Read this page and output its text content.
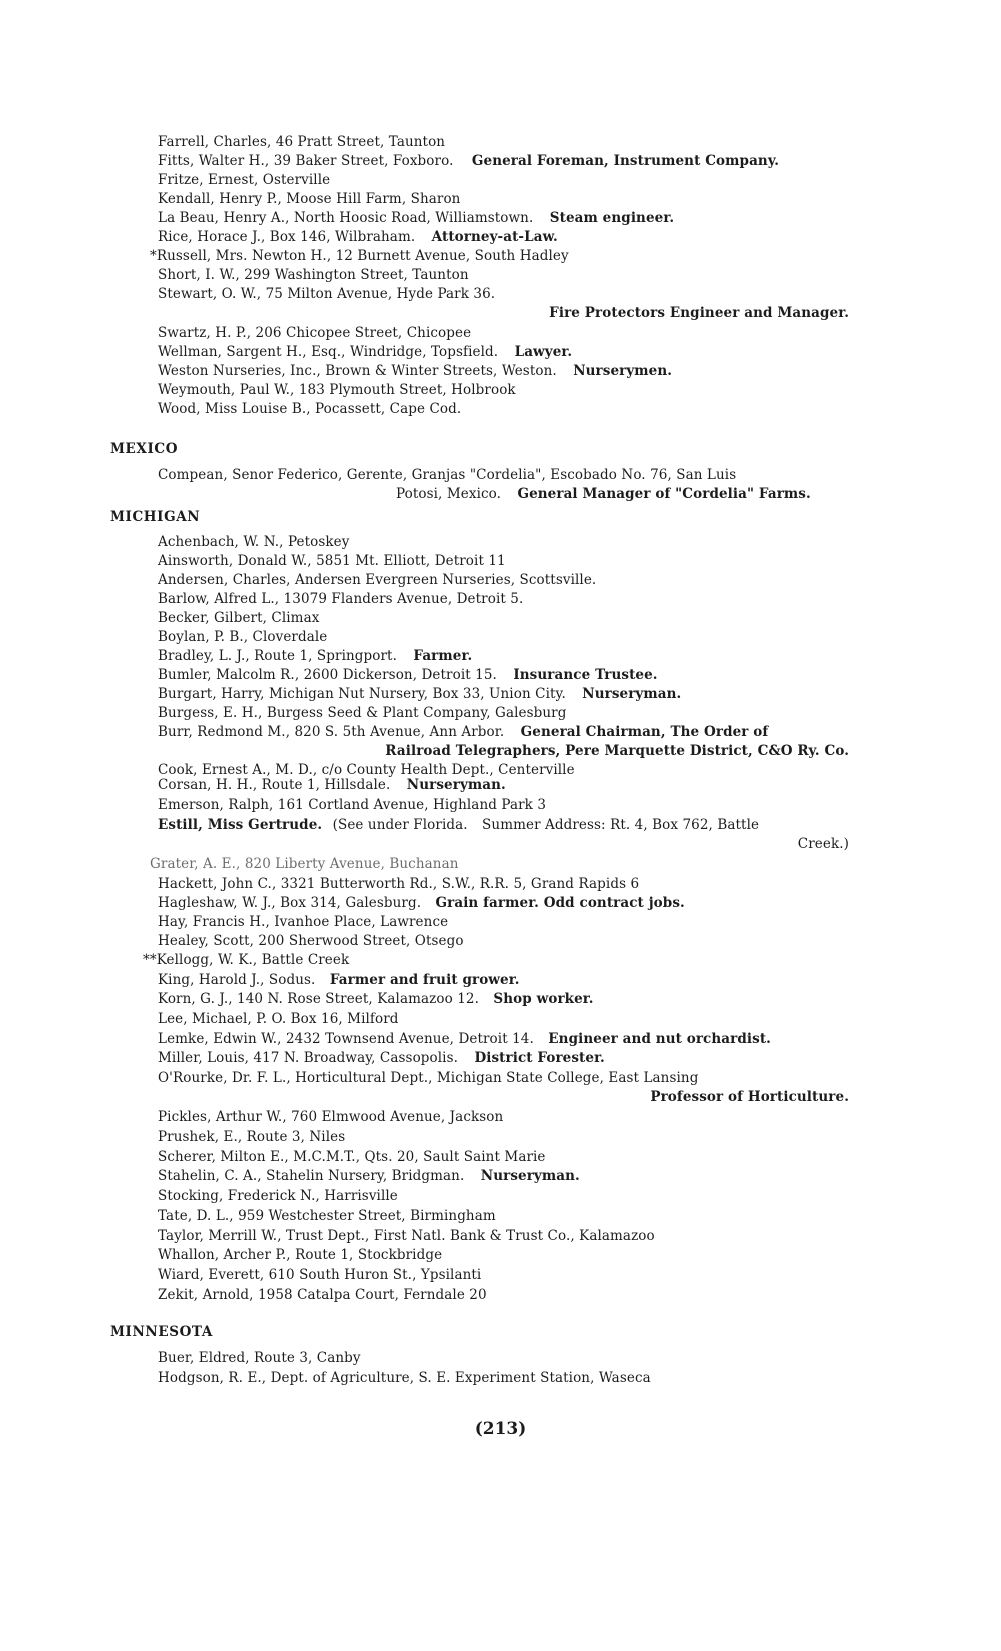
Farrell, Charles, 46 Pratt Street, Taunton
Fitts, Walter H., 39 Baker Street, Foxboro. General Foreman, Instrument Company.
Fritze, Ernest, Osterville
Kendall, Henry P., Moose Hill Farm, Sharon
La Beau, Henry A., North Hoosic Road, Williamstown. Steam engineer.
Rice, Horace J., Box 146, Wilbraham. Attorney-at-Law.
*Russell, Mrs. Newton H., 12 Burnett Avenue, South Hadley
Short, I. W., 299 Washington Street, Taunton
Stewart, O. W., 75 Milton Avenue, Hyde Park 36.
Fire Protectors Engineer and Manager.
Swartz, H. P., 206 Chicopee Street, Chicopee
Wellman, Sargent H., Esq., Windridge, Topsfield. Lawyer.
Weston Nurseries, Inc., Brown & Winter Streets, Weston. Nurserymen.
Weymouth, Paul W., 183 Plymouth Street, Holbrook
Wood, Miss Louise B., Pocassett, Cape Cod.
MEXICO
Compean, Senor Federico, Gerente, Granjas "Cordelia", Escobado No. 76, San Luis
Potosi, Mexico. General Manager of "Cordelia" Farms.
MICHIGAN
Achenbach, W. N., Petoskey
Ainsworth, Donald W., 5851 Mt. Elliott, Detroit 11
Andersen, Charles, Andersen Evergreen Nurseries, Scottsville.
Barlow, Alfred L., 13079 Flanders Avenue, Detroit 5.
Becker, Gilbert, Climax
Boylan, P. B., Cloverdale
Bradley, L. J., Route 1, Springport. Farmer.
Bumler, Malcolm R., 2600 Dickerson, Detroit 15. Insurance Trustee.
Burgart, Harry, Michigan Nut Nursery, Box 33, Union City. Nurseryman.
Burgess, E. H., Burgess Seed & Plant Company, Galesburg
Burr, Redmond M., 820 S. 5th Avenue, Ann Arbor. General Chairman, The Order of
Railroad Telegraphers, Pere Marquette District, C&O Ry. Co.
Cook, Ernest A., M. D., c/o County Health Dept., Centerville
Corsan, H. H., Route 1, Hillsdale. Nurseryman.
Emerson, Ralph, 161 Cortland Avenue, Highland Park 3
Estill, Miss Gertrude. (See under Florida. Summer Address: Rt. 4, Box 762, Battle
Creek.)
Grater, A. E., 820 Liberty Avenue, Buchanan
Hackett, John C., 3321 Butterworth Rd., S.W., R.R. 5, Grand Rapids 6
Hagleshaw, W. J., Box 314, Galesburg. Grain farmer. Odd contract jobs.
Hay, Francis H., Ivanhoe Place, Lawrence
Healey, Scott, 200 Sherwood Street, Otsego
**Kellogg, W. K., Battle Creek
King, Harold J., Sodus. Farmer and fruit grower.
Korn, G. J., 140 N. Rose Street, Kalamazoo 12. Shop worker.
Lee, Michael, P. O. Box 16, Milford
Lemke, Edwin W., 2432 Townsend Avenue, Detroit 14. Engineer and nut orchardist.
Miller, Louis, 417 N. Broadway, Cassopolis. District Forester.
O'Rourke, Dr. F. L., Horticultural Dept., Michigan State College, East Lansing
Professor of Horticulture.
Pickles, Arthur W., 760 Elmwood Avenue, Jackson
Prushek, E., Route 3, Niles
Scherer, Milton E., M.C.M.T., Qts. 20, Sault Saint Marie
Stahelin, C. A., Stahelin Nursery, Bridgman. Nurseryman.
Stocking, Frederick N., Harrisville
Tate, D. L., 959 Westchester Street, Birmingham
Taylor, Merrill W., Trust Dept., First Natl. Bank & Trust Co., Kalamazoo
Whallon, Archer P., Route 1, Stockbridge
Wiard, Everett, 610 South Huron St., Ypsilanti
Zekit, Arnold, 1958 Catalpa Court, Ferndale 20
MINNESOTA
Buer, Eldred, Route 3, Canby
Hodgson, R. E., Dept. of Agriculture, S. E. Experiment Station, Waseca
(213)
